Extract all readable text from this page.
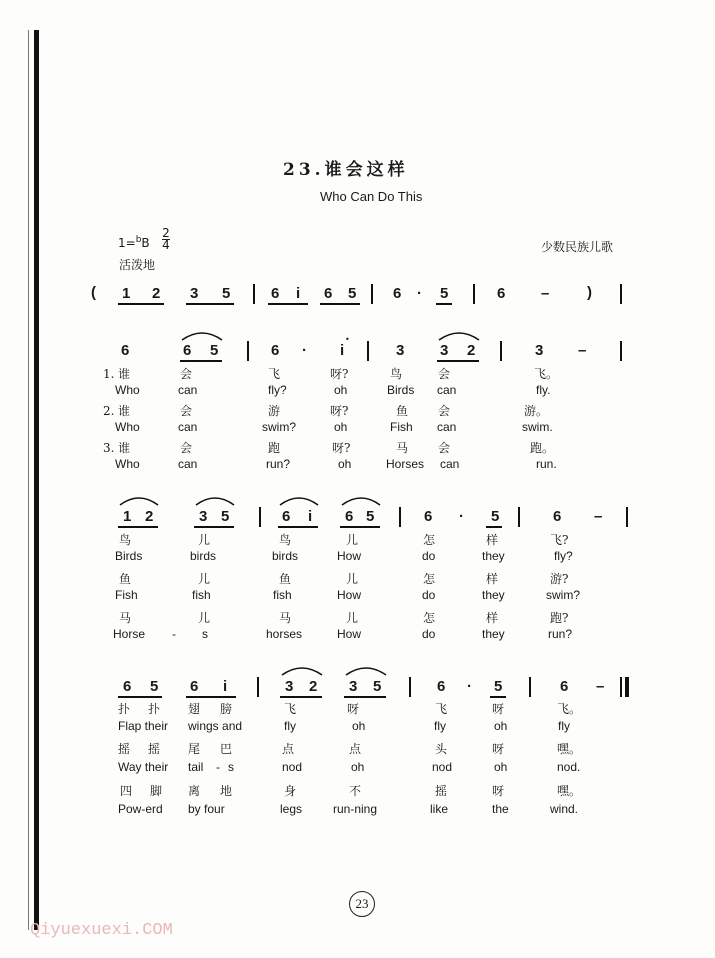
23.谁会这样
Who Can Do This
1=$^b$B
2
4
活泼地
少数民族儿歌
( 1 2 3 5	6 i 6 5 6 · 5	6 –	)
6	6 5	6 · i	3 3 2	3 –
1. 谁	会	飞	呀?	鸟	会	飞。
Who	can	fly?	oh	Birds can	fly.
2. 谁	会	游	呀?	鱼 会	游。
Who	can	swim?	oh	Fish can	swim.
3. 谁	会	跑	呀?	马 会	跑。
Who	can	run?	oh	Horses can	run.
1 2	3 5	6 i 6 5	6 · 5	6 –
鸟	儿	鸟	儿	怎	样	飞?
Birds	birds	birds	How	do	they	fly?
鱼	儿	鱼	儿	怎	样	游?
Fish	fish	fish	How	do	they	swim?
马	儿	马	儿	怎	样	跑?
Horse - s	horses	How	do	they	run?
6 5 6 i	3 2 3 5	6 · 5	6 –
扑 扑 翅 膀	飞	呀	飞	呀	飞。
Flap their wings and	fly	oh	fly	oh	fly
摇 摇 尾 巴	点	点	头	呀	嘿。
Way their tail - s	nod	oh	nod	oh	nod.
四 脚 离 地	身	不	摇	呀	嘿。
Pow-erd by four	legs	run-ning	like	the	wind.
23
Qiyuexuexi.COM
•
